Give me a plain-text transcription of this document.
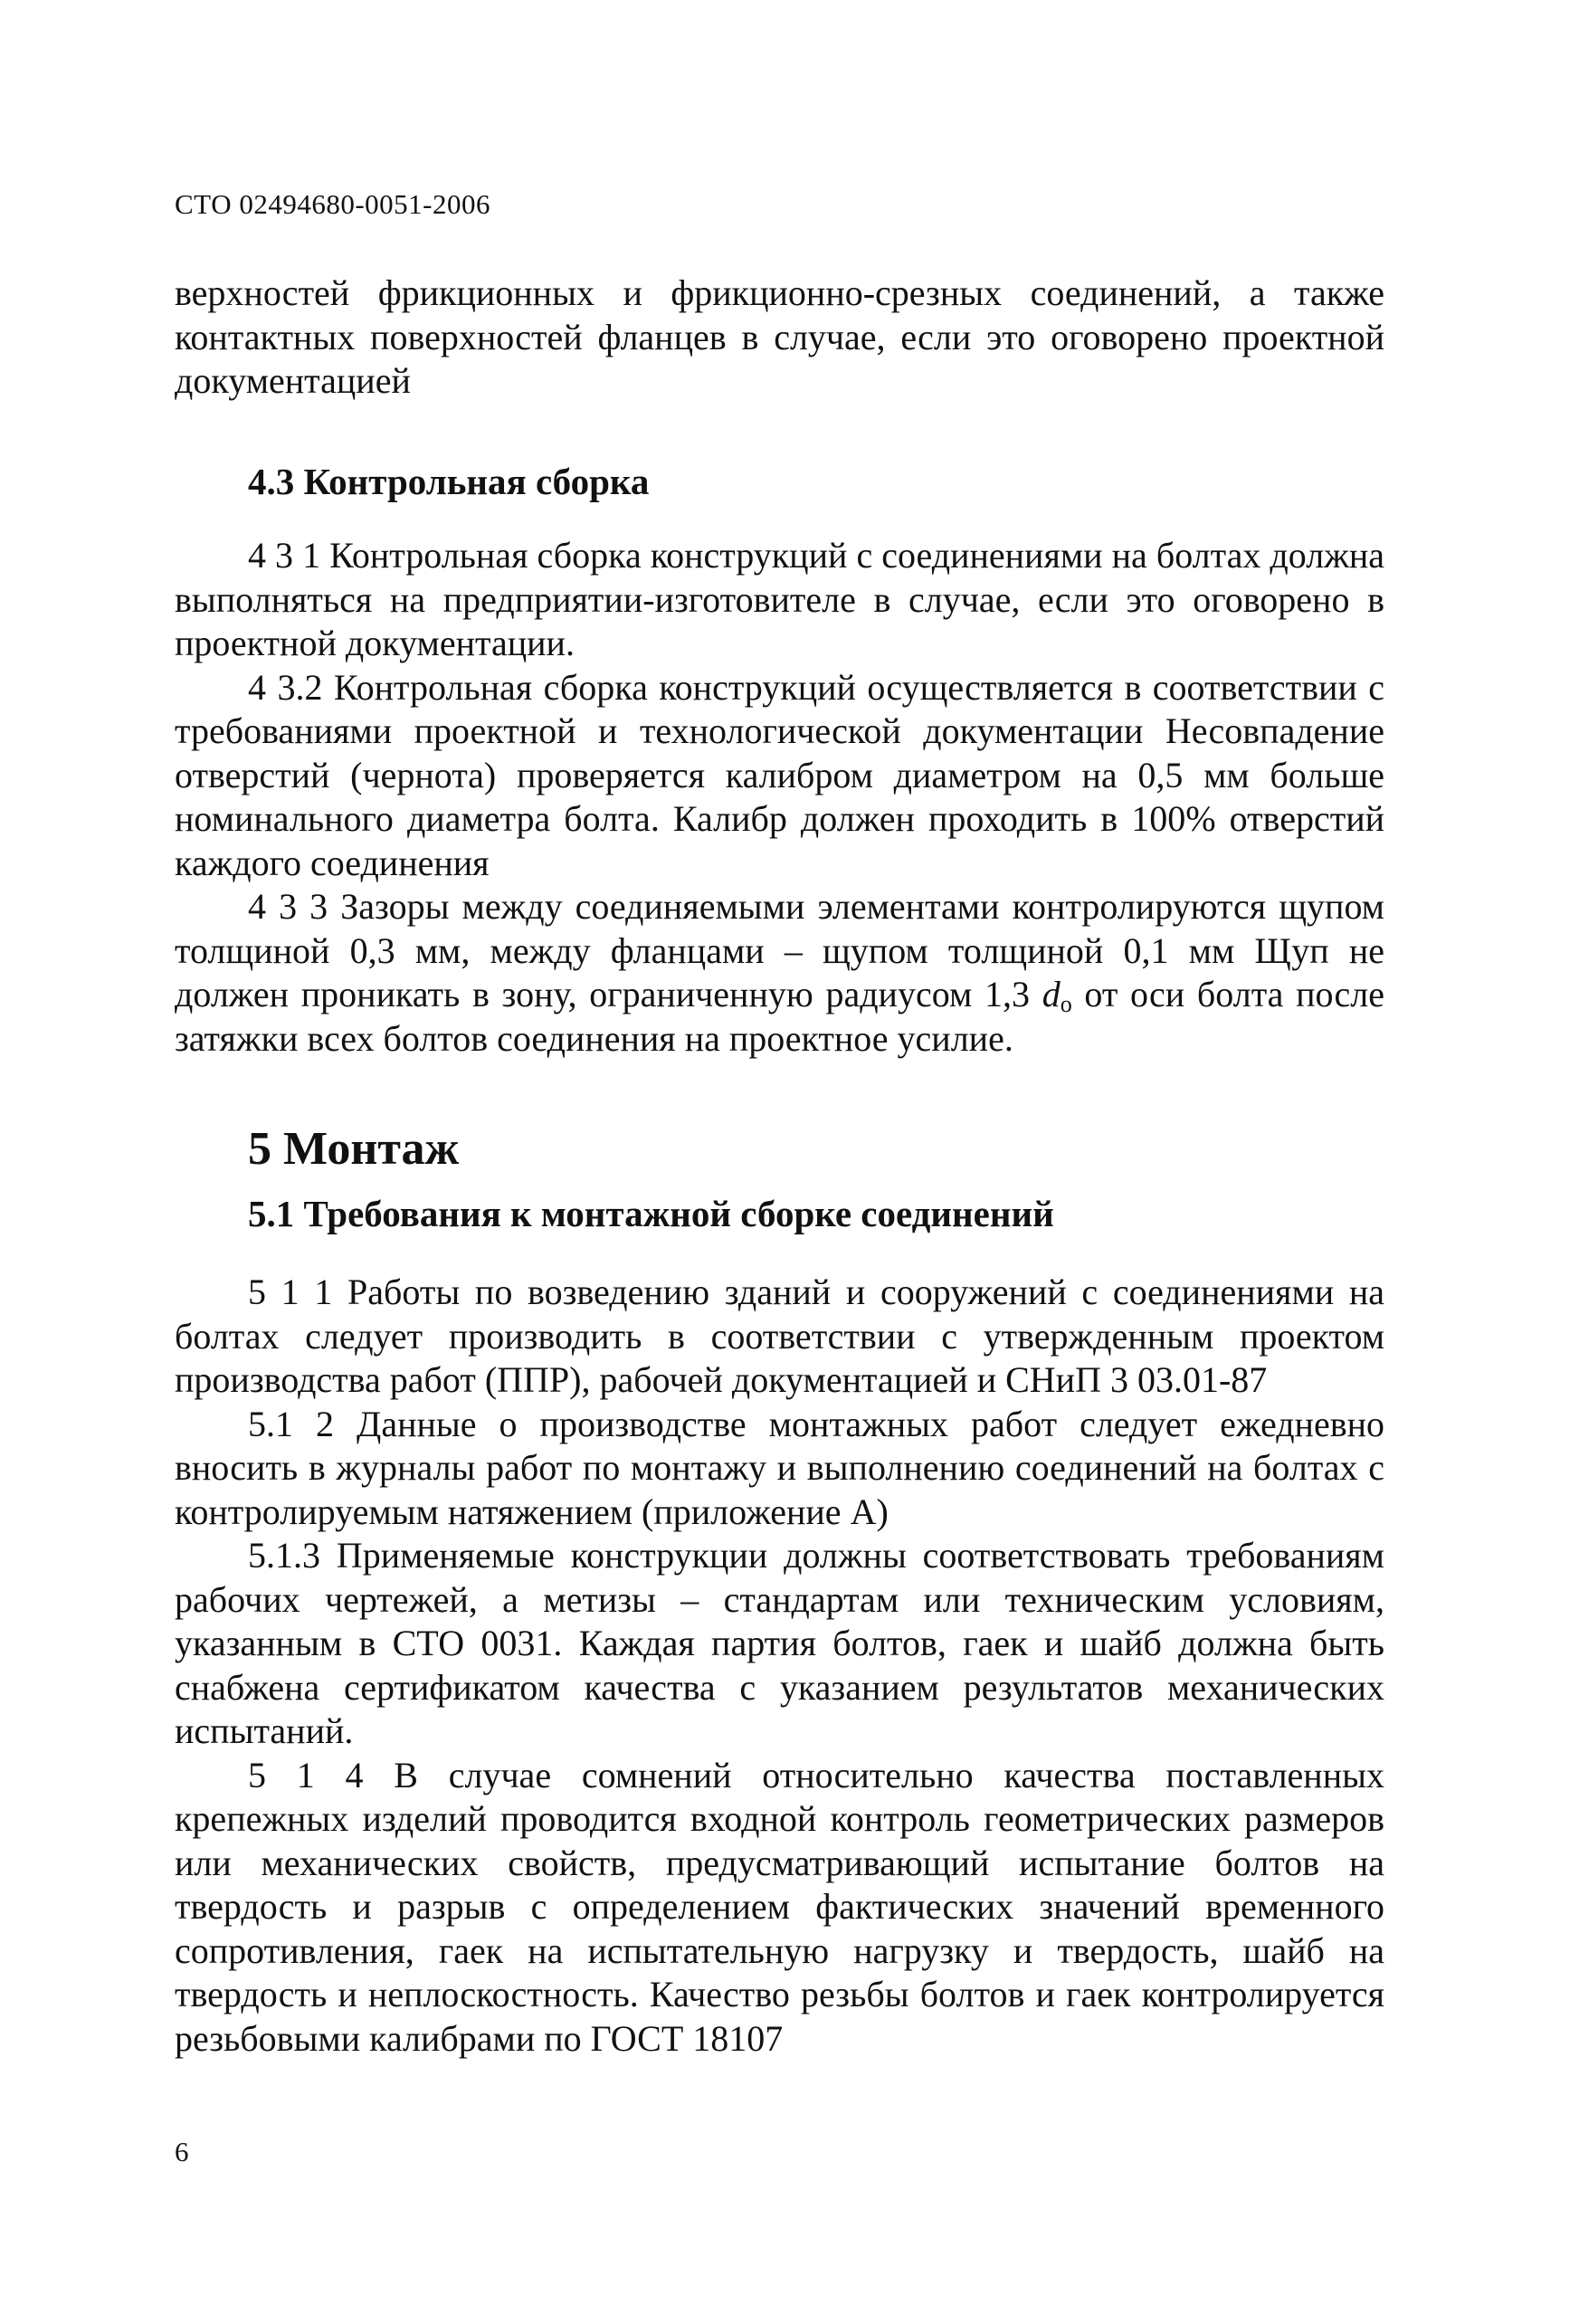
СТО 02494680-0051-2006

верхностей фрикционных и фрикционно-срезных соединений, а также контактных поверхностей фланцев в случае, если это оговорено проектной документацией

4.3 Контрольная сборка

4 3 1 Контрольная сборка конструкций с соединениями на болтах должна выполняться на предприятии-изготовителе в случае, если это оговорено в проектной документации.

4 3.2 Контрольная сборка конструкций осуществляется в соответствии с требованиями проектной и технологической документации Несовпадение отверстий (чернота) проверяется калибром диаметром на 0,5 мм больше номинального диаметра болта. Калибр должен проходить в 100% отверстий каждого соединения

4 3 3 Зазоры между соединяемыми элементами контролируются щупом толщиной 0,3 мм, между фланцами – щупом толщиной 0,1 мм Щуп не должен проникать в зону, ограниченную радиусом 1,3 $d_o$ от оси болта после затяжки всех болтов соединения на проектное усилие.

5 Монтаж
5.1 Требования к монтажной сборке соединений

5 1 1 Работы по возведению зданий и сооружений с соединениями на болтах следует производить в соответствии с утвержденным проектом производства работ (ППР), рабочей документацией и СНиП 3 03.01-87

5.1 2 Данные о производстве монтажных работ следует ежедневно вносить в журналы работ по монтажу и выполнению соединений на болтах с контролируемым натяжением (приложение А)

5.1.3 Применяемые конструкции должны соответствовать требованиям рабочих чертежей, а метизы – стандартам или техническим условиям, указанным в СТО 0031. Каждая партия болтов, гаек и шайб должна быть снабжена сертификатом качества с указанием результатов механических испытаний.

5 1 4 В случае сомнений относительно качества поставленных крепежных изделий проводится входной контроль геометрических размеров или механических свойств, предусматривающий испытание болтов на твердость и разрыв с определением фактических значений временного сопротивления, гаек на испытательную нагрузку и твердость, шайб на твердость и неплоскостность. Качество резьбы болтов и гаек контролируется резьбовыми калибрами по ГОСТ 18107

6
